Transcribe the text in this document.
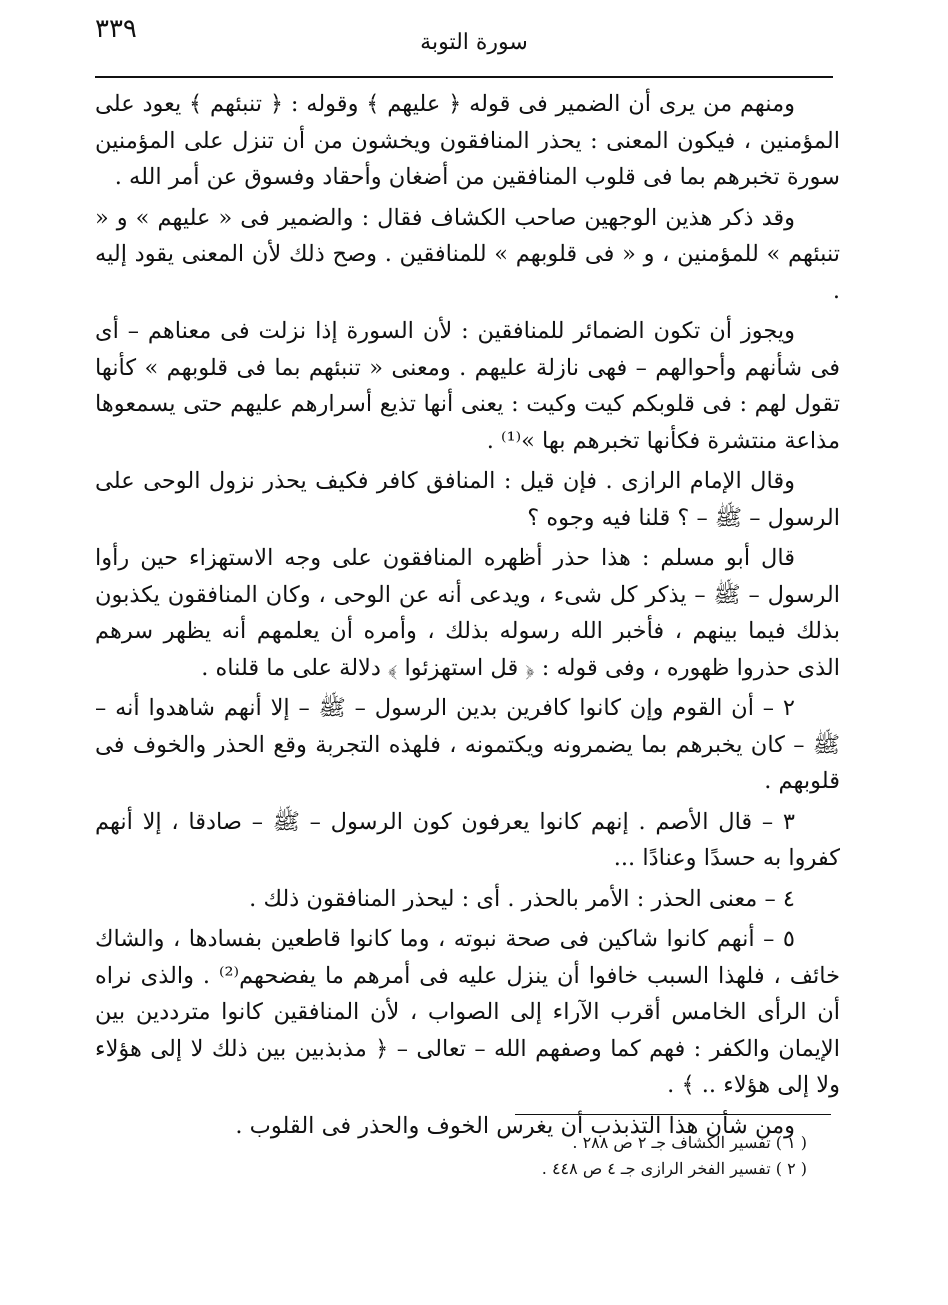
٣٣٩	سورة التوبة

ومنهم من يرى أن الضمير فى قوله ﴿ عليهم ﴾ وقوله : ﴿ تنبئهم ﴾ يعود على المؤمنين ، فيكون المعنى : يحذر المنافقون ويخشون من أن تنزل على المؤمنين سورة تخبرهم بما فى قلوب المنافقين من أضغان وأحقاد وفسوق عن أمر الله .

وقد ذكر هذين الوجهين صاحب الكشاف فقال : والضمير فى « عليهم » و « تنبئهم » للمؤمنين ، و « فى قلوبهم » للمنافقين . وصح ذلك لأن المعنى يقود إليه .

ويجوز أن تكون الضمائر للمنافقين : لأن السورة إذا نزلت فى معناهم – أى فى شأنهم وأحوالهم – فهى نازلة عليهم . ومعنى « تنبئهم بما فى قلوبهم » كأنها تقول لهم : فى قلوبكم كيت وكيت : يعنى أنها تذيع أسرارهم عليهم حتى يسمعوها مذاعة منتشرة فكأنها تخبرهم بها »⁽¹⁾ .

وقال الإمام الرازى . فإن قيل : المنافق كافر فكيف يحذر نزول الوحى على الرسول – ﷺ – ؟ قلنا فيه وجوه ؟

قال أبو مسلم : هذا حذر أظهره المنافقون على وجه الاستهزاء حين رأوا الرسول – ﷺ – يذكر كل شىء ، ويدعى أنه عن الوحى ، وكان المنافقون يكذبون بذلك فيما بينهم ، فأخبر الله رسوله بذلك ، وأمره أن يعلمهم أنه يظهر سرهم الذى حذروا ظهوره ، وفى قوله : ﴿ قل استهزئوا ﴾ دلالة على ما قلناه .

٢ – أن القوم وإن كانوا كافرين بدين الرسول – ﷺ – إلا أنهم شاهدوا أنه – ﷺ – كان يخبرهم بما يضمرونه ويكتمونه ، فلهذه التجربة وقع الحذر والخوف فى قلوبهم .

٣ – قال الأصم . إنهم كانوا يعرفون كون الرسول – ﷺ – صادقا ، إلا أنهم كفروا به حسدًا وعنادًا ...

٤ – معنى الحذر : الأمر بالحذر . أى : ليحذر المنافقون ذلك .

٥ – أنهم كانوا شاكين فى صحة نبوته ، وما كانوا قاطعين بفسادها ، والشاك خائف ، فلهذا السبب خافوا أن ينزل عليه فى أمرهم ما يفضحهم⁽²⁾ . والذى نراه أن الرأى الخامس أقرب الآراء إلى الصواب ، لأن المنافقين كانوا مترددين بين الإيمان والكفر : فهم كما وصفهم الله – تعالى – ﴿ مذبذبين بين ذلك لا إلى هؤلاء ولا إلى هؤلاء .. ﴾ .

ومن شأن هذا التذبذب أن يغرس الخوف والحذر فى القلوب .

( ١ ) تفسير الكشاف جـ ٢ ص ٢٨٨ .
( ٢ ) تفسير الفخر الرازى جـ ٤ ص ٤٤٨ .
